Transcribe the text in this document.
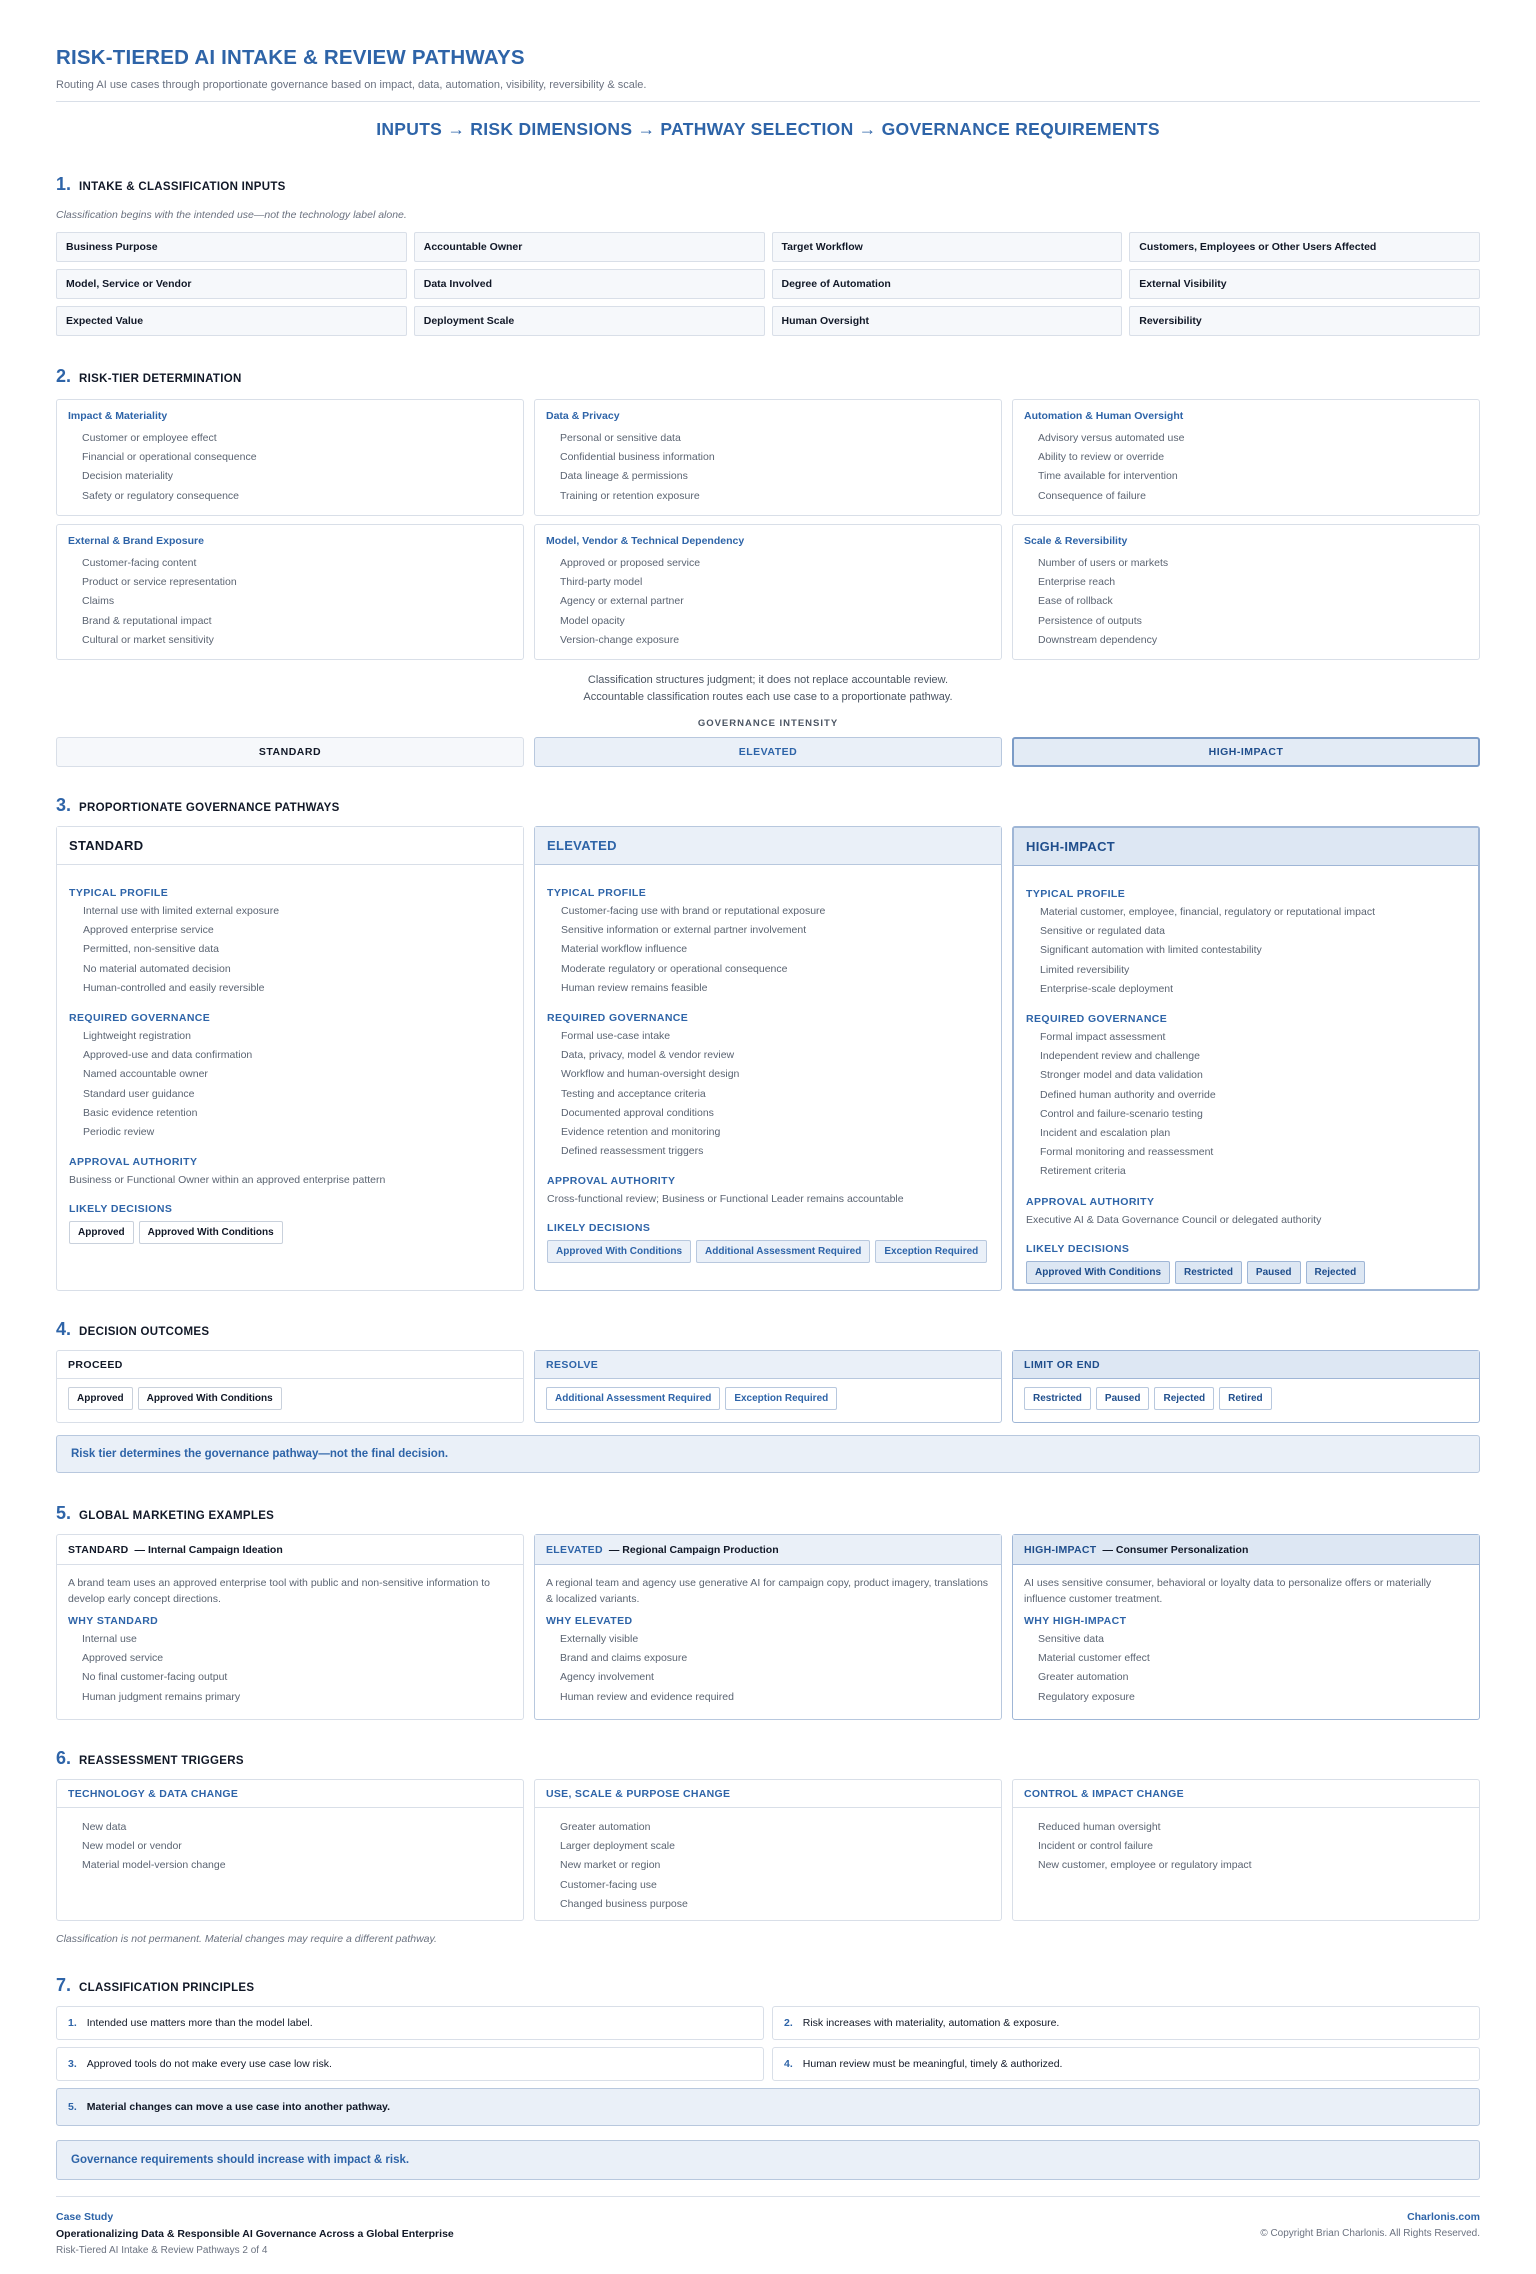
RISK-TIERED AI INTAKE & REVIEW PATHWAYS
Routing AI use cases through proportionate governance based on impact, data, automation, visibility, reversibility & scale.
INPUTS → RISK DIMENSIONS → PATHWAY SELECTION → GOVERNANCE REQUIREMENTS
1. INTAKE & CLASSIFICATION INPUTS
Classification begins with the intended use—not the technology label alone.
Business Purpose	Accountable Owner	Target Workflow	Customers, Employees or Other Users Affected
Model, Service or Vendor	Data Involved	Degree of Automation	External Visibility
Expected Value	Deployment Scale	Human Oversight	Reversibility
2. RISK-TIER DETERMINATION
Impact & Materiality
Customer or employee effect
Financial or operational consequence
Decision materiality
Safety or regulatory consequence
Data & Privacy
Personal or sensitive data
Confidential business information
Data lineage & permissions
Training or retention exposure
Automation & Human Oversight
Advisory versus automated use
Ability to review or override
Time available for intervention
Consequence of failure
External & Brand Exposure
Customer-facing content
Product or service representation
Claims
Brand & reputational impact
Cultural or market sensitivity
Model, Vendor & Technical Dependency
Approved or proposed service
Third-party model
Agency or external partner
Model opacity
Version-change exposure
Scale & Reversibility
Number of users or markets
Enterprise reach
Ease of rollback
Persistence of outputs
Downstream dependency
Classification structures judgment; it does not replace accountable review.
Accountable classification routes each use case to a proportionate pathway.
GOVERNANCE INTENSITY
STANDARD	ELEVATED	HIGH-IMPACT
3. PROPORTIONATE GOVERNANCE PATHWAYS
STANDARD
TYPICAL PROFILE
Internal use with limited external exposure
Approved enterprise service
Permitted, non-sensitive data
No material automated decision
Human-controlled and easily reversible
REQUIRED GOVERNANCE
Lightweight registration
Approved-use and data confirmation
Named accountable owner
Standard user guidance
Basic evidence retention
Periodic review
APPROVAL AUTHORITY
Business or Functional Owner within an approved enterprise pattern
LIKELY DECISIONS
Approved	Approved With Conditions
ELEVATED
TYPICAL PROFILE
Customer-facing use with brand or reputational exposure
Sensitive information or external partner involvement
Material workflow influence
Moderate regulatory or operational consequence
Human review remains feasible
REQUIRED GOVERNANCE
Formal use-case intake
Data, privacy, model & vendor review
Workflow and human-oversight design
Testing and acceptance criteria
Documented approval conditions
Evidence retention and monitoring
Defined reassessment triggers
APPROVAL AUTHORITY
Cross-functional review; Business or Functional Leader remains accountable
LIKELY DECISIONS
Approved With Conditions	Additional Assessment Required	Exception Required
HIGH-IMPACT
TYPICAL PROFILE
Material customer, employee, financial, regulatory or reputational impact
Sensitive or regulated data
Significant automation with limited contestability
Limited reversibility
Enterprise-scale deployment
REQUIRED GOVERNANCE
Formal impact assessment
Independent review and challenge
Stronger model and data validation
Defined human authority and override
Control and failure-scenario testing
Incident and escalation plan
Formal monitoring and reassessment
Retirement criteria
APPROVAL AUTHORITY
Executive AI & Data Governance Council or delegated authority
LIKELY DECISIONS
Approved With Conditions	Restricted	Paused	Rejected
4. DECISION OUTCOMES
PROCEED
Approved	Approved With Conditions
RESOLVE
Additional Assessment Required	Exception Required
LIMIT OR END
Restricted	Paused	Rejected	Retired
Risk tier determines the governance pathway—not the final decision.
5. GLOBAL MARKETING EXAMPLES
STANDARD — Internal Campaign Ideation
A brand team uses an approved enterprise tool with public and non-sensitive information to develop early concept directions.
WHY STANDARD
Internal use
Approved service
No final customer-facing output
Human judgment remains primary
ELEVATED — Regional Campaign Production
A regional team and agency use generative AI for campaign copy, product imagery, translations & localized variants.
WHY ELEVATED
Externally visible
Brand and claims exposure
Agency involvement
Human review and evidence required
HIGH-IMPACT — Consumer Personalization
AI uses sensitive consumer, behavioral or loyalty data to personalize offers or materially influence customer treatment.
WHY HIGH-IMPACT
Sensitive data
Material customer effect
Greater automation
Regulatory exposure
6. REASSESSMENT TRIGGERS
TECHNOLOGY & DATA CHANGE
New data
New model or vendor
Material model-version change
USE, SCALE & PURPOSE CHANGE
Greater automation
Larger deployment scale
New market or region
Customer-facing use
Changed business purpose
CONTROL & IMPACT CHANGE
Reduced human oversight
Incident or control failure
New customer, employee or regulatory impact
Classification is not permanent. Material changes may require a different pathway.
7. CLASSIFICATION PRINCIPLES
1. Intended use matters more than the model label.	2. Risk increases with materiality, automation & exposure.
3. Approved tools do not make every use case low risk.	4. Human review must be meaningful, timely & authorized.
5. Material changes can move a use case into another pathway.
Governance requirements should increase with impact & risk.
Case Study
Operationalizing Data & Responsible AI Governance Across a Global Enterprise
Risk-Tiered AI Intake & Review Pathways 2 of 4
Charlonis.com
© Copyright Brian Charlonis. All Rights Reserved.
